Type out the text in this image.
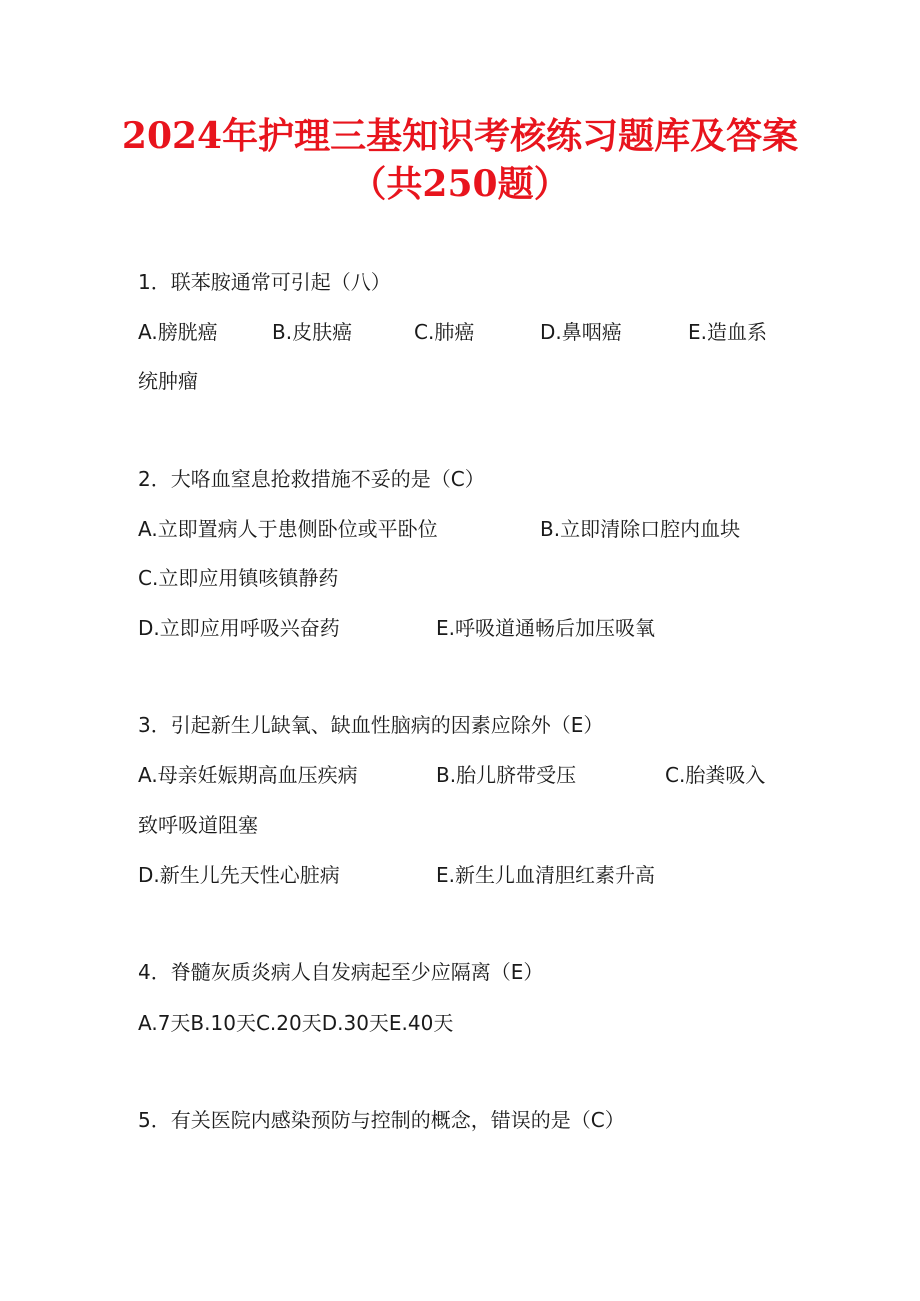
2024年护理三基知识考核练习题库及答案
（共250题）
1．联苯胺通常可引起（八）
A.膀胱癌	B.皮肤癌	C.肺癌	D.鼻咽癌	E.造血系
统肿瘤
2．大咯血窒息抢救措施不妥的是（C）
A.立即置病人于患侧卧位或平卧位	B.立即清除口腔内血块
C.立即应用镇咳镇静药
D.立即应用呼吸兴奋药	E.呼吸道通畅后加压吸氧
3．引起新生儿缺氧、缺血性脑病的因素应除外（E）
A.母亲妊娠期高血压疾病	B.胎儿脐带受压	C.胎粪吸入
致呼吸道阻塞
D.新生儿先天性心脏病	E.新生儿血清胆红素升高
4．脊髓灰质炎病人自发病起至少应隔离（E）
A.7天B.10天C.20天D.30天E.40天
5．有关医院内感染预防与控制的概念，错误的是（C）
